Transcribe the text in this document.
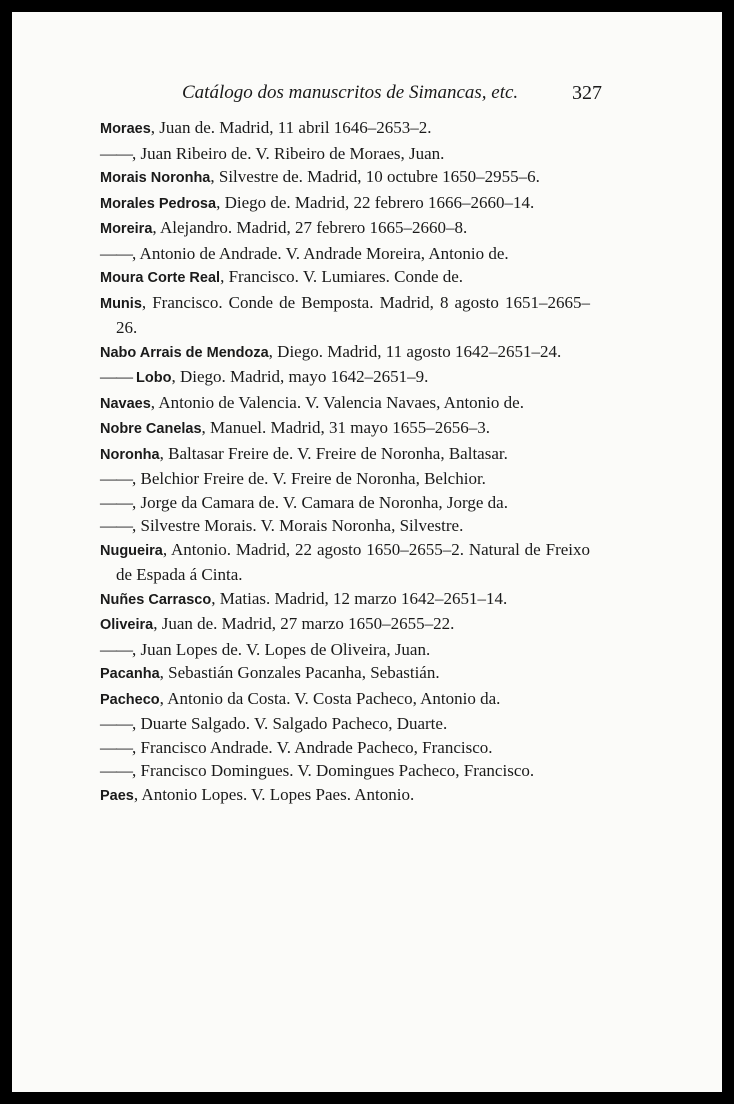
Catálogo dos manuscritos de Simancas, etc.	327
Moraes, Juan de. Madrid, 11 abril 1646–2653–2.
——, Juan Ribeiro de. V. Ribeiro de Moraes, Juan.
Morais Noronha, Silvestre de. Madrid, 10 octubre 1650–2955–6.
Morales Pedrosa, Diego de. Madrid, 22 febrero 1666–2660–14.
Moreira, Alejandro. Madrid, 27 febrero 1665–2660–8.
——, Antonio de Andrade. V. Andrade Moreira, Antonio de.
Moura Corte Real, Francisco. V. Lumiares. Conde de.
Munis, Francisco. Conde de Bemposta. Madrid, 8 agosto 1651–2665–26.
Nabo Arrais de Mendoza, Diego. Madrid, 11 agosto 1642–2651–24.
—— Lobo, Diego. Madrid, mayo 1642–2651–9.
Navaes, Antonio de Valencia. V. Valencia Navaes, Antonio de.
Nobre Canelas, Manuel. Madrid, 31 mayo 1655–2656–3.
Noronha, Baltasar Freire de. V. Freire de Noronha, Baltasar.
——, Belchior Freire de. V. Freire de Noronha, Belchior.
——, Jorge da Camara de. V. Camara de Noronha, Jorge da.
——, Silvestre Morais. V. Morais Noronha, Silvestre.
Nugueira, Antonio. Madrid, 22 agosto 1650–2655–2. Natural de Freixo de Espada á Cinta.
Nuñes Carrasco, Matias. Madrid, 12 marzo 1642–2651–14.
Oliveira, Juan de. Madrid, 27 marzo 1650–2655–22.
——, Juan Lopes de. V. Lopes de Oliveira, Juan.
Pacanha, Sebastián Gonzales Pacanha, Sebastián.
Pacheco, Antonio da Costa. V. Costa Pacheco, Antonio da.
——, Duarte Salgado. V. Salgado Pacheco, Duarte.
——, Francisco Andrade. V. Andrade Pacheco, Francisco.
——, Francisco Domingues. V. Domingues Pacheco, Francisco.
Paes, Antonio Lopes. V. Lopes Paes. Antonio.
